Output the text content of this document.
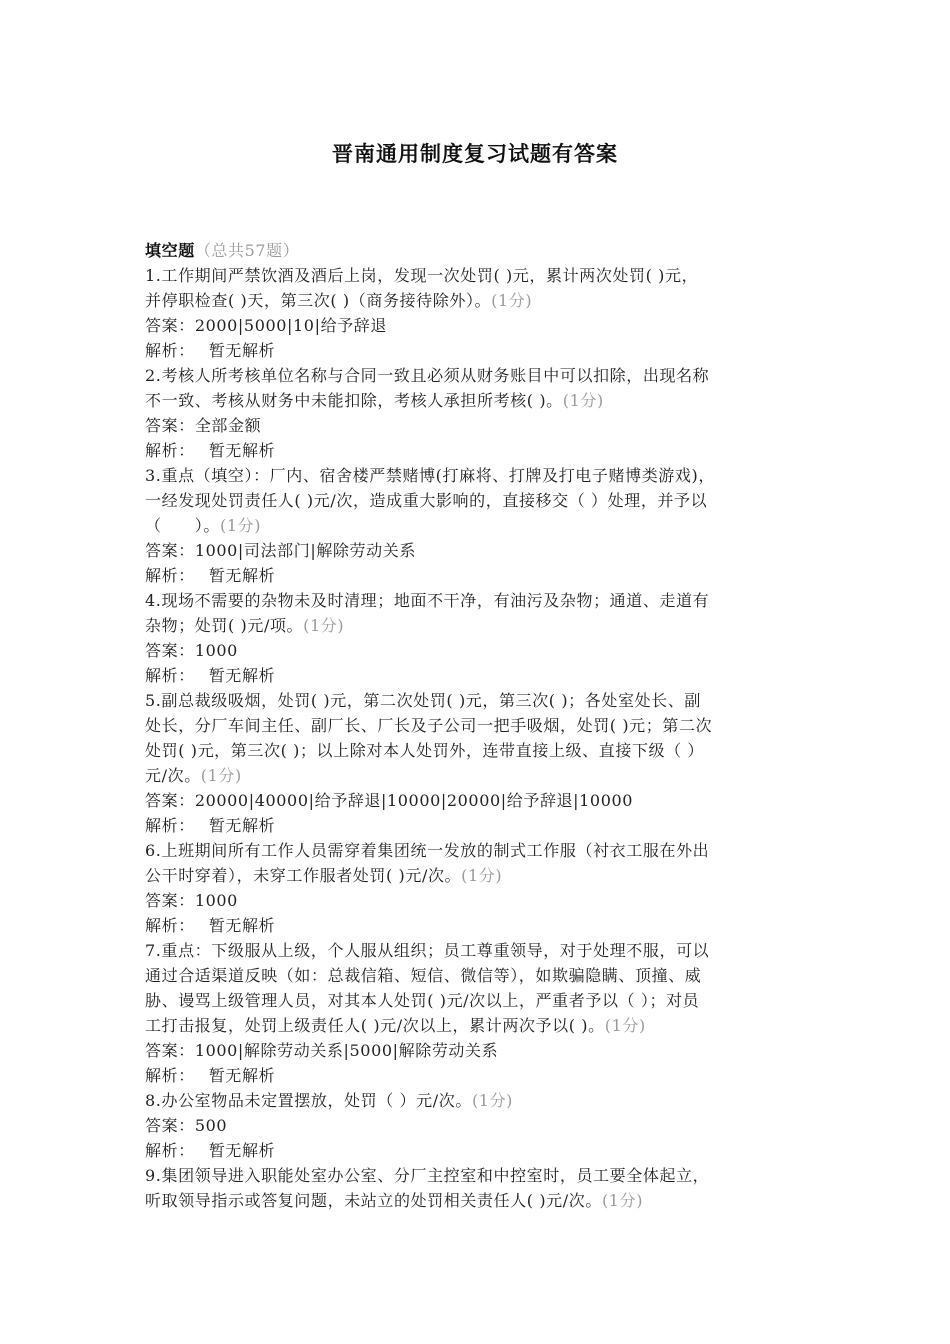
晋南通用制度复习试题有答案

填空题（总共57题）

1.工作期间严禁饮酒及酒后上岗，发现一次处罚( )元，累计两次处罚( )元，

并停职检查( )天，第三次( )（商务接待除外）。(1分)

答案：2000|5000|10|给予辞退

解析： 暂无解析

2.考核人所考核单位名称与合同一致且必须从财务账目中可以扣除，出现名称

不一致、考核从财务中未能扣除，考核人承担所考核( )。(1分)

答案：全部金额

解析： 暂无解析

3.重点（填空）：厂内、宿舍楼严禁赌博(打麻将、打牌及打电子赌博类游戏)，

一经发现处罚责任人( )元/次，造成重大影响的，直接移交（ ）处理，并予以

（　　）。(1分)

答案：1000|司法部门|解除劳动关系

解析： 暂无解析

4.现场不需要的杂物未及时清理；地面不干净，有油污及杂物；通道、走道有

杂物；处罚( )元/项。(1分)

答案：1000

解析： 暂无解析

5.副总裁级吸烟，处罚( )元，第二次处罚( )元，第三次( )；各处室处长、副

处长，分厂车间主任、副厂长、厂长及子公司一把手吸烟，处罚( )元；第二次

处罚( )元，第三次( )；以上除对本人处罚外，连带直接上级、直接下级（ ）

元/次。(1分)

答案：20000|40000|给予辞退|10000|20000|给予辞退|10000

解析： 暂无解析

6.上班期间所有工作人员需穿着集团统一发放的制式工作服（衬衣工服在外出

公干时穿着），未穿工作服者处罚( )元/次。(1分)

答案：1000

解析： 暂无解析

7.重点：下级服从上级，个人服从组织；员工尊重领导，对于处理不服，可以

通过合适渠道反映（如：总裁信箱、短信、微信等），如欺骗隐瞒、顶撞、威

胁、谩骂上级管理人员，对其本人处罚( )元/次以上，严重者予以（ ）；对员

工打击报复，处罚上级责任人( )元/次以上，累计两次予以( )。(1分)

答案：1000|解除劳动关系|5000|解除劳动关系

解析： 暂无解析

8.办公室物品未定置摆放，处罚（ ）元/次。(1分)

答案：500

解析： 暂无解析

9.集团领导进入职能处室办公室、分厂主控室和中控室时，员工要全体起立，

听取领导指示或答复问题，未站立的处罚相关责任人( )元/次。(1分)
